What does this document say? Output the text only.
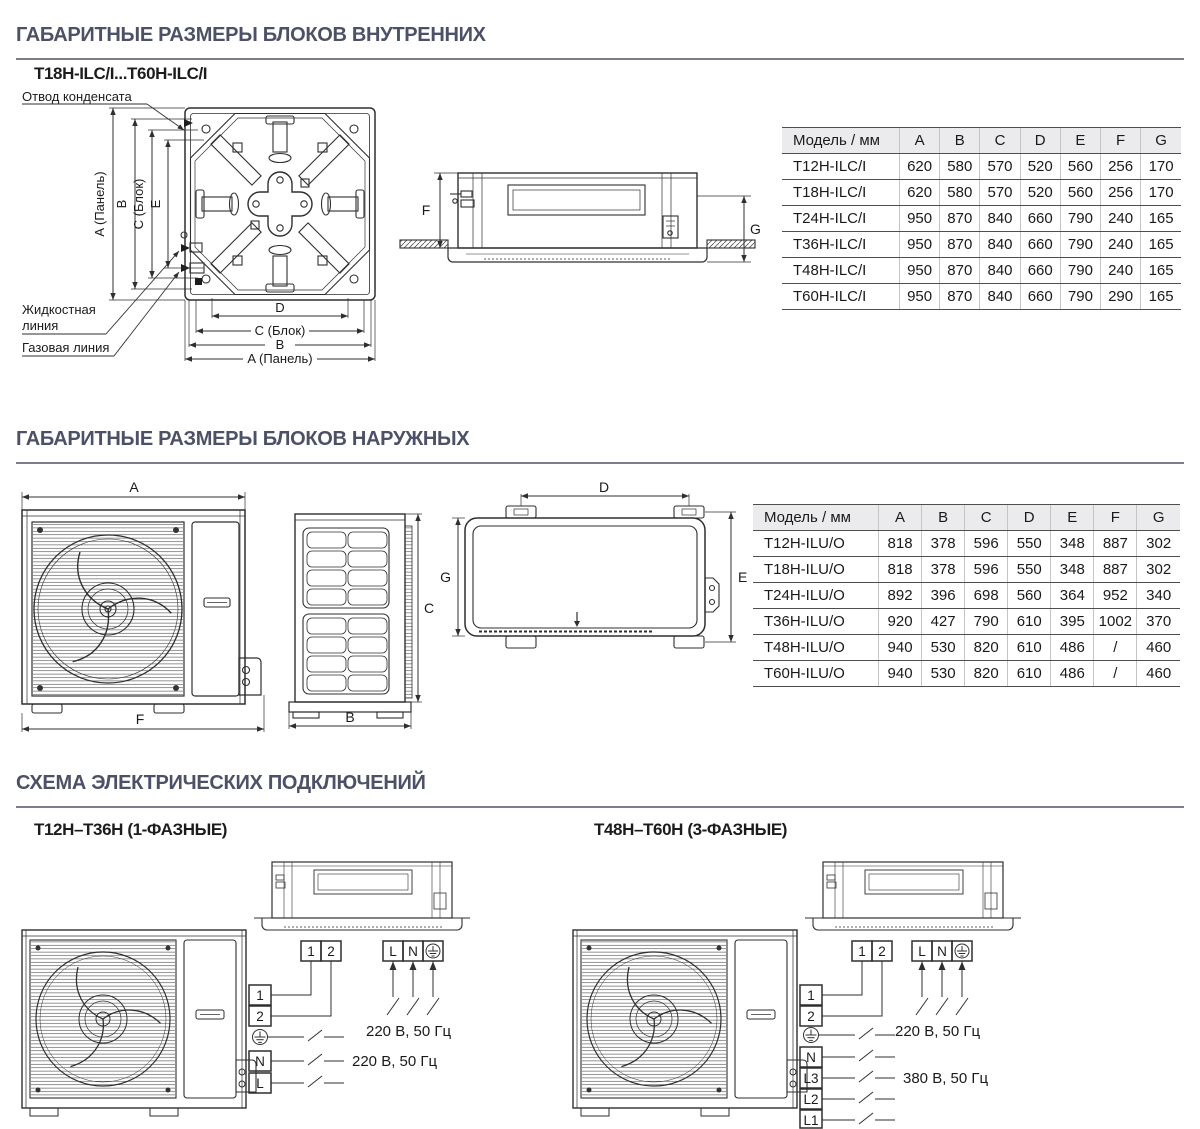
ГАБАРИТНЫЕ РАЗМЕРЫ БЛОКОВ ВНУТРЕННИХ
T18H-ILC/I...T60H-ILC/I
Отвод конденсата
Жидкостная
линия
Газовая линия
A (Панель) B C (Блок) E
D
C (Блок)
B
A (Панель)
F
G
Модель / мм	A	B	C	D	E	F	G
T12H-ILC/I	620	580	570	520	560	256	170
T18H-ILC/I	620	580	570	520	560	256	170
T24H-ILC/I	950	870	840	660	790	240	165
T36H-ILC/I	950	870	840	660	790	240	165
T48H-ILC/I	950	870	840	660	790	240	165
T60H-ILC/I	950	870	840	660	790	290	165
ГАБАРИТНЫЕ РАЗМЕРЫ БЛОКОВ НАРУЖНЫХ
A
F	B
C
D
G	E
Модель / мм	A	B	C	D	E	F	G
T12H-ILU/O	818	378	596	550	348	887	302
T18H-ILU/O	818	378	596	550	348	887	302
T24H-ILU/O	892	396	698	560	364	952	340
T36H-ILU/O	920	427	790	610	395	1002	370
T48H-ILU/O	940	530	820	610	486	/	460
T60H-ILU/O	940	530	820	610	486	/	460
СХЕМА ЭЛЕКТРИЧЕСКИХ ПОДКЛЮЧЕНИЙ
T12H–T36H (1-ФАЗНЫЕ)	T48H–T60H (3-ФАЗНЫЕ)
1 2	L N
1
2
N
L
220 В, 50 Гц
220 В, 50 Гц
1 2 L N
1
2
N
L3
L2
L1
220 В, 50 Гц
380 В, 50 Гц
